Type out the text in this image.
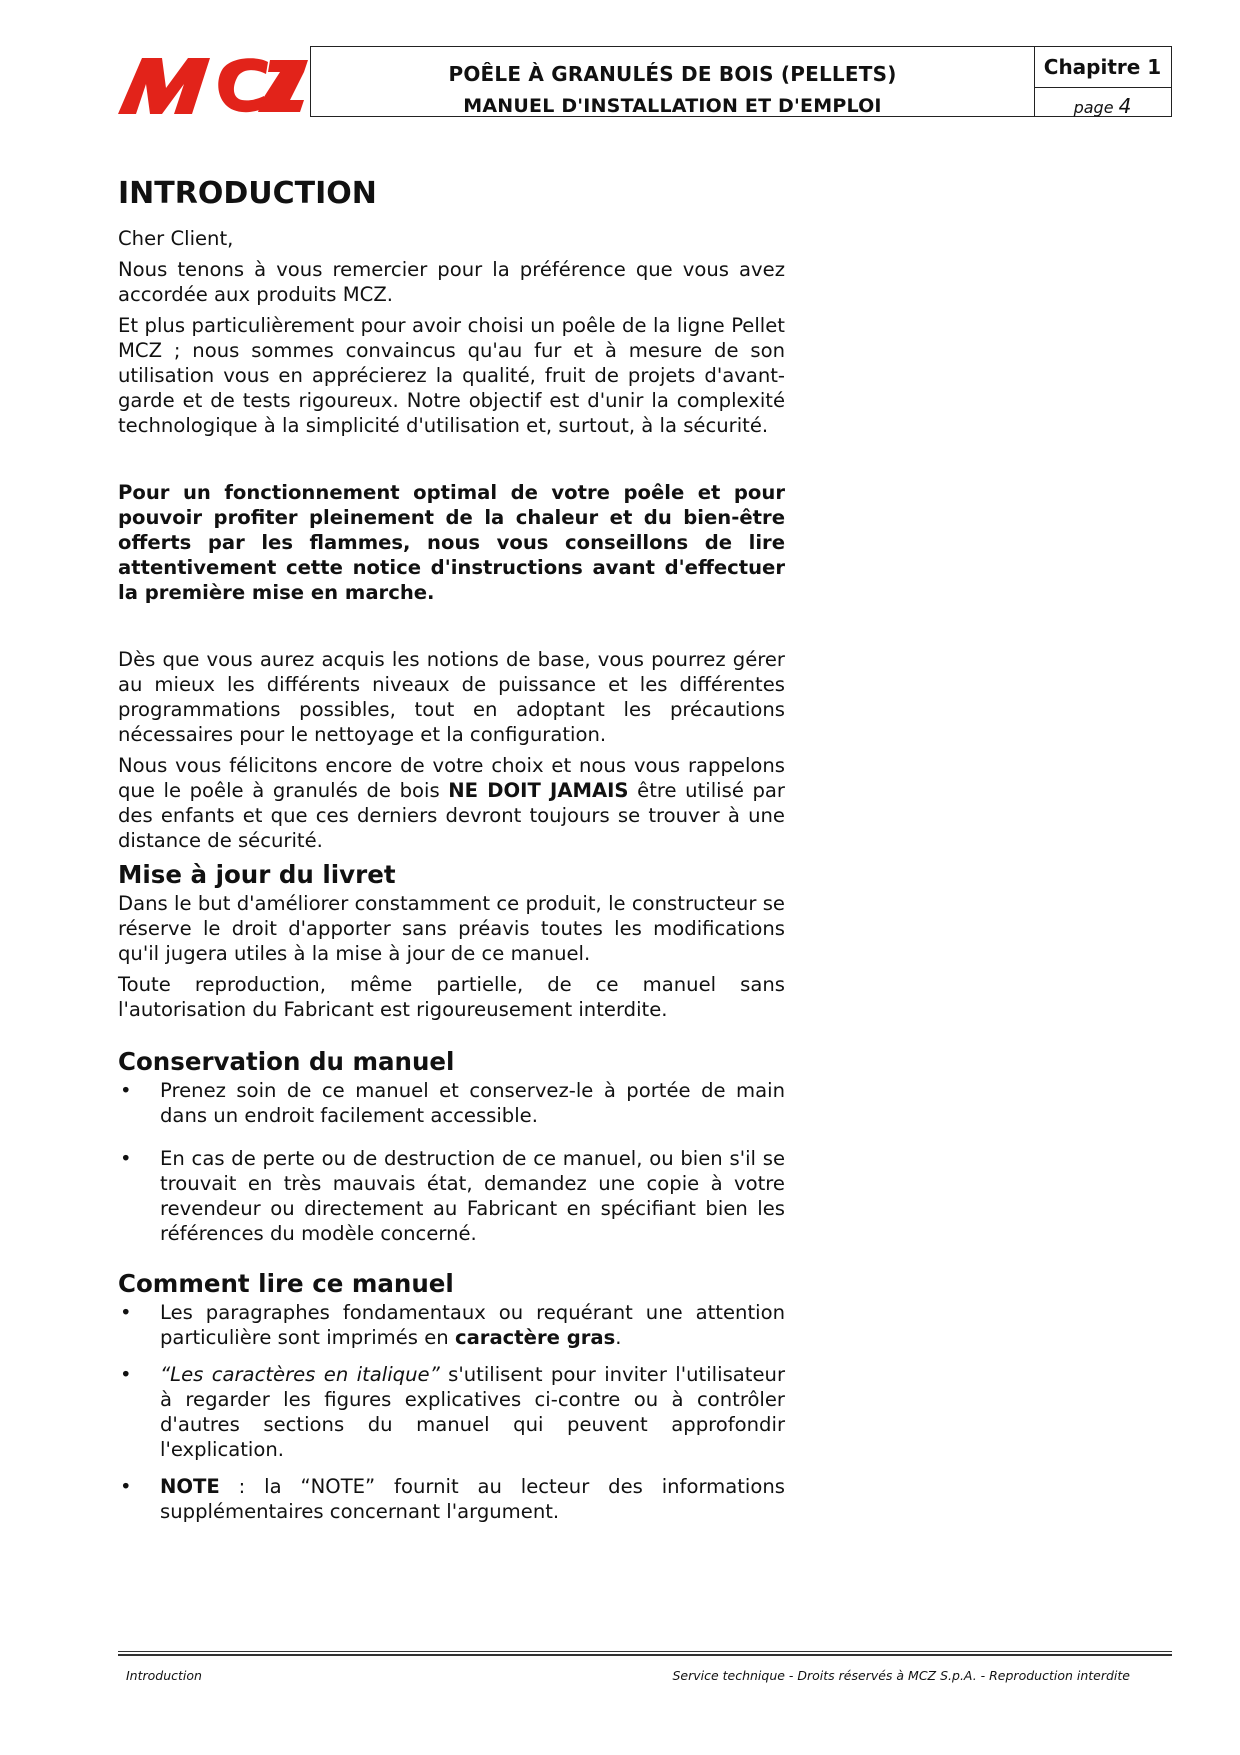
MCZ
POÊLE À GRANULÉS DE BOIS (PELLETS)
MANUEL D'INSTALLATION ET D'EMPLOI
Chapitre 1
page 4
INTRODUCTION

Cher Client,

Nous tenons à vous remercier pour la préférence que vous avez accordée aux produits MCZ.

Et plus particulièrement pour avoir choisi un poêle de la ligne Pellet MCZ ; nous sommes convaincus qu'au fur et à mesure de son utilisation vous en apprécierez la qualité, fruit de projets d'avant-garde et de tests rigoureux. Notre objectif est d'unir la complexité technologique à la simplicité d'utilisation et, surtout, à la sécurité.

Pour un fonctionnement optimal de votre poêle et pour pouvoir profiter pleinement de la chaleur et du bien-être offerts par les flammes, nous vous conseillons de lire attentivement cette notice d'instructions avant d'effectuer la première mise en marche.

Dès que vous aurez acquis les notions de base, vous pourrez gérer au mieux les différents niveaux de puissance et les différentes programmations possibles, tout en adoptant les précautions nécessaires pour le nettoyage et la configuration.

Nous vous félicitons encore de votre choix et nous vous rappelons que le poêle à granulés de bois NE DOIT JAMAIS être utilisé par des enfants et que ces derniers devront toujours se trouver à une distance de sécurité.

Mise à jour du livret

Dans le but d'améliorer constamment ce produit, le constructeur se réserve le droit d'apporter sans préavis toutes les modifications qu'il jugera utiles à la mise à jour de ce manuel.

Toute reproduction, même partielle, de ce manuel sans l'autorisation du Fabricant est rigoureusement interdite.

Conservation du manuel
• Prenez soin de ce manuel et conservez-le à portée de main dans un endroit facilement accessible.
• En cas de perte ou de destruction de ce manuel, ou bien s'il se trouvait en très mauvais état, demandez une copie à votre revendeur ou directement au Fabricant en spécifiant bien les références du modèle concerné.
Comment lire ce manuel
• Les paragraphes fondamentaux ou requérant une attention particulière sont imprimés en caractère gras.
• “Les caractères en italique” s'utilisent pour inviter l'utilisateur à regarder les figures explicatives ci-contre ou à contrôler d'autres sections du manuel qui peuvent approfondir l'explication.
• NOTE : la “NOTE” fournit au lecteur des informations supplémentaires concernant l'argument.
Introduction	Service technique - Droits réservés à MCZ S.p.A. - Reproduction interdite
